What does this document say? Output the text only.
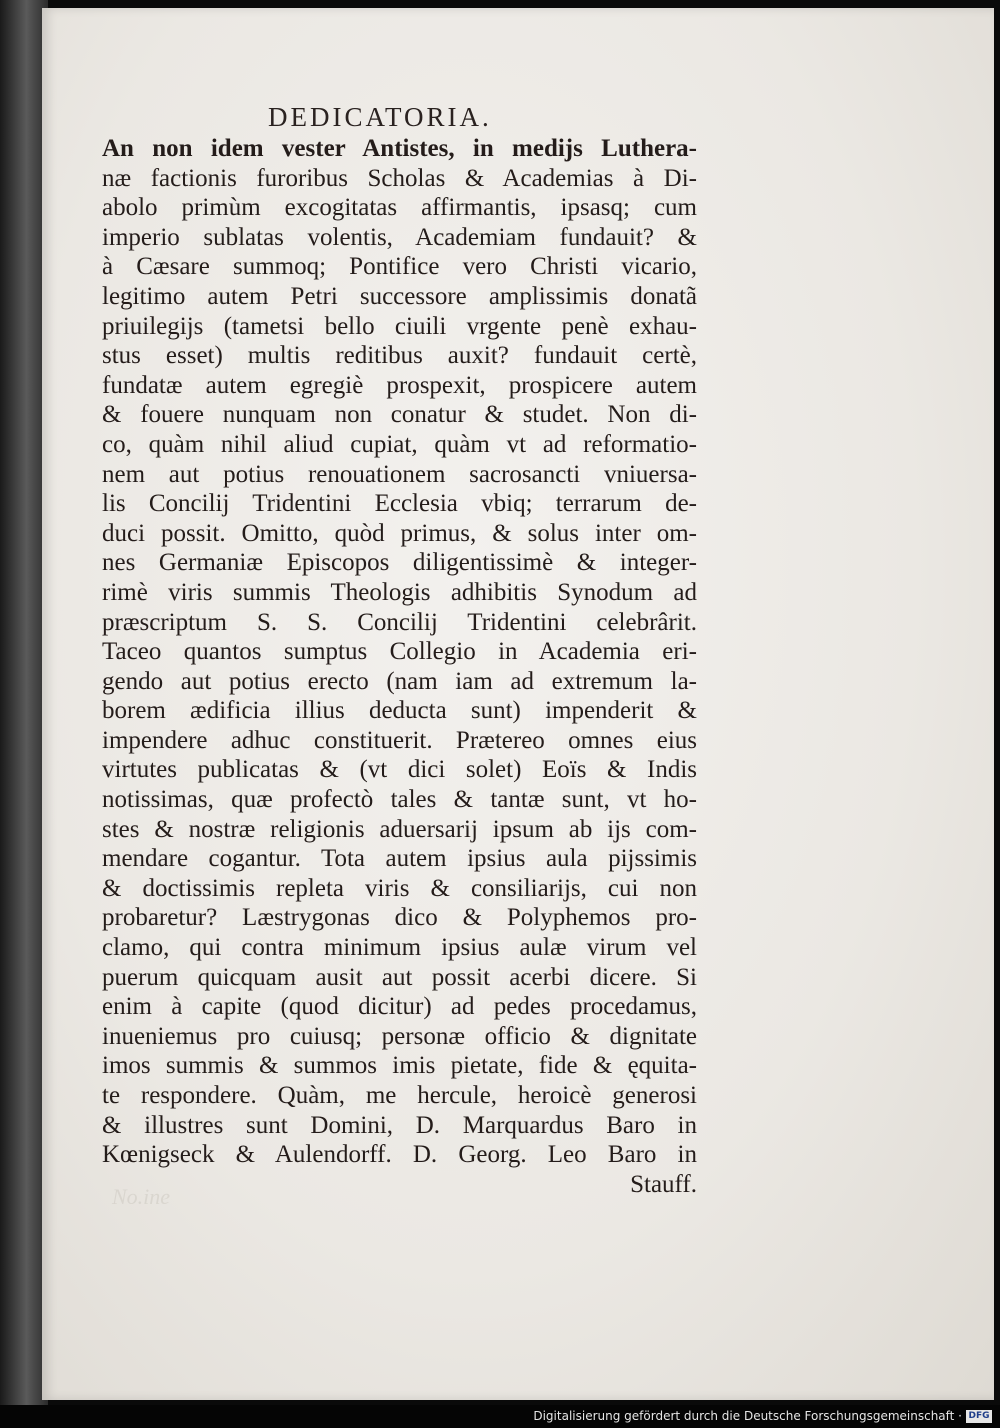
DEDICATORIA.
An non idem vester Antistes, in medijs Luthera-
næ factionis furoribus Scholas & Academias à Di-
abolo primùm excogitatas affirmantis, ipsasq; cum
imperio sublatas volentis, Academiam fundauit? &
à Cæsare summoq; Pontifice vero Christi vicario,
legitimo autem Petri successore amplissimis donatã
priuilegijs (tametsi bello ciuili vrgente penè exhau-
stus esset) multis reditibus auxit? fundauit certè,
fundatæ autem egregiè prospexit, prospicere autem
& fouere nunquam non conatur & studet. Non di-
co, quàm nihil aliud cupiat, quàm vt ad reformatio-
nem aut potius renouationem sacrosancti vniuersa-
lis Concilij Tridentini Ecclesia vbiq; terrarum de-
duci possit. Omitto, quòd primus, & solus inter om-
nes Germaniæ Episcopos diligentissimè & integer-
rimè viris summis Theologis adhibitis Synodum ad
præscriptum S. S. Concilij Tridentini celebrârit.
Taceo quantos sumptus Collegio in Academia eri-
gendo aut potius erecto (nam iam ad extremum la-
borem ædificia illius deducta sunt) impenderit &
impendere adhuc constituerit. Prætereo omnes eius
virtutes publicatas & (vt dici solet) Eoïs & Indis
notissimas, quæ profectò tales & tantæ sunt, vt ho-
stes & nostræ religionis aduersarij ipsum ab ijs com-
mendare cogantur. Tota autem ipsius aula pijssimis
& doctissimis repleta viris & consiliarijs, cui non
probaretur? Læstrygonas dico & Polyphemos pro-
clamo, qui contra minimum ipsius aulæ virum vel
puerum quicquam ausit aut possit acerbi dicere. Si
enim à capite (quod dicitur) ad pedes procedamus,
inueniemus pro cuiusq; personæ officio & dignitate
imos summis & summos imis pietate, fide & ęquita-
te respondere. Quàm, me hercule, heroicè generosi
& illustres sunt Domini, D. Marquardus Baro in
Kœnigseck & Aulendorff. D. Georg. Leo Baro in
Stauff.
No.ine
Digitalisierung gefördert durch die Deutsche Forschungsgemeinschaft · DFG
